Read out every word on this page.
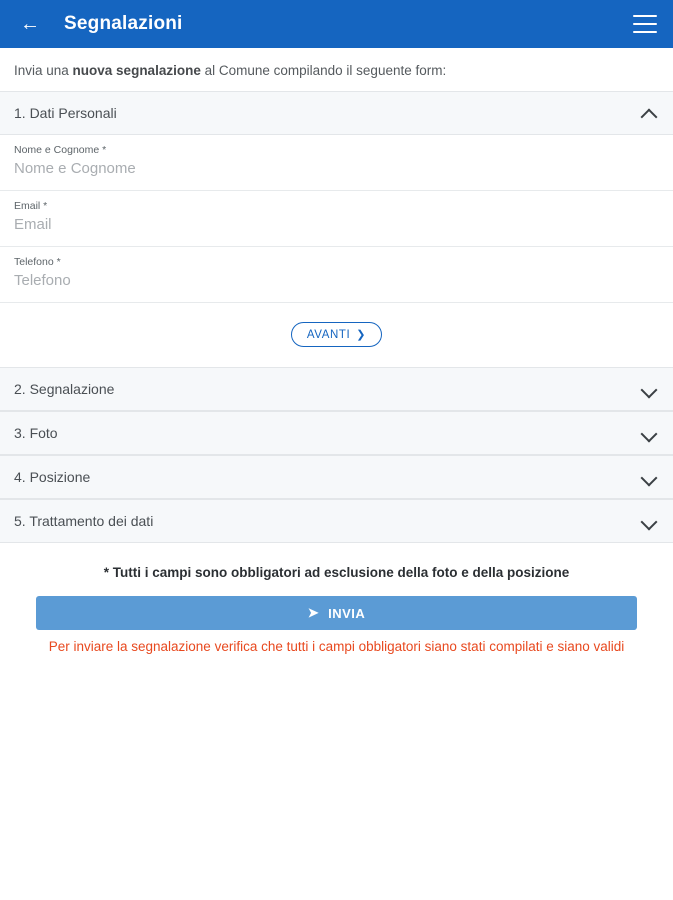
← Segnalazioni
Invia una nuova segnalazione al Comune compilando il seguente form:
1. Dati Personali
Nome e Cognome *
Nome e Cognome
Email *
Email
Telefono *
Telefono
AVANTI ❯
2. Segnalazione
3. Foto
4. Posizione
5. Trattamento dei dati
* Tutti i campi sono obbligatori ad esclusione della foto e della posizione
➤ INVIA
Per inviare la segnalazione verifica che tutti i campi obbligatori siano stati compilati e siano validi
